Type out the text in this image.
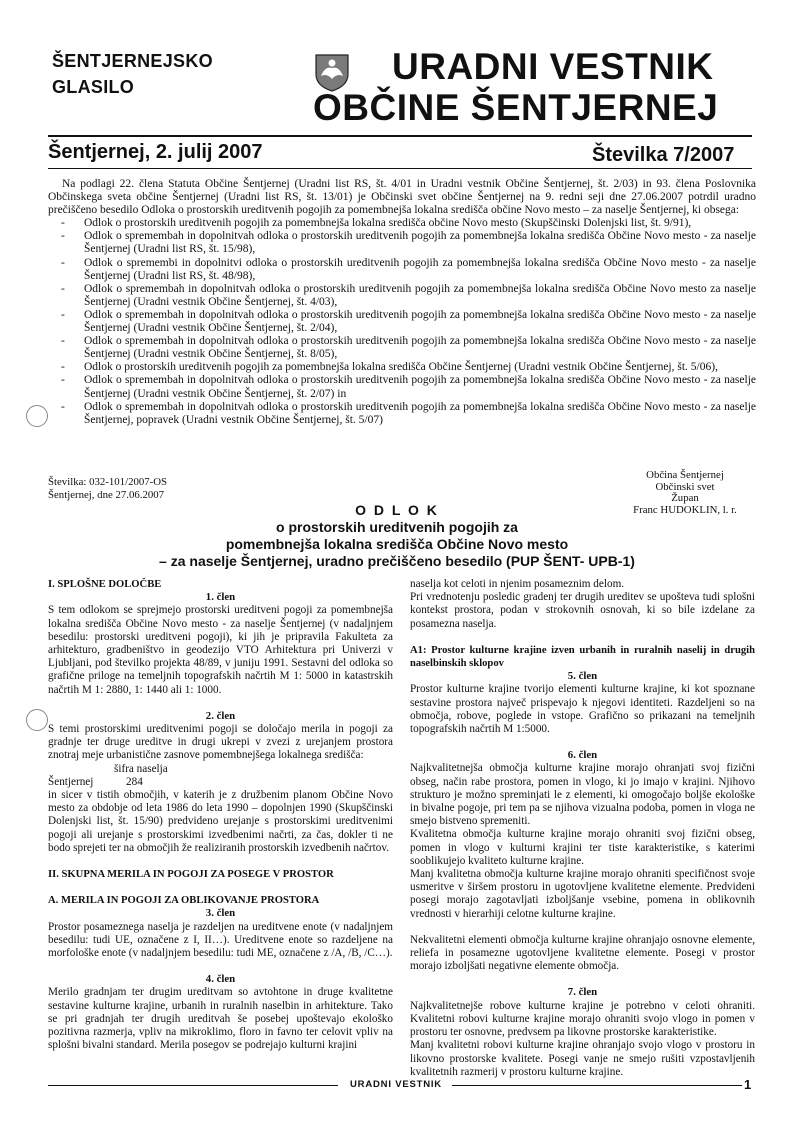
ŠENTJERNEJSKO
GLASILO	URADNI VESTNIK
OBČINE ŠENTJERNEJ
Šentjernej, 2. julij 2007	Številka 7/2007

Na podlagi 22. člena Statuta Občine Šentjernej (Uradni list RS, št. 4/01 in Uradni vestnik Občine Šentjernej, št. 2/03) in 93. člena Poslovnika Občinskega sveta občine Šentjernej (Uradni list RS, št. 13/01) je Občinski svet občine Šentjernej na 9. redni seji dne 27.06.2007 potrdil uradno prečiščeno besedilo Odloka o prostorskih ureditvenih pogojih za pomembnejša lokalna središča občine Novo mesto – za naselje Šentjernej, ki obsega:

- Odlok o prostorskih ureditvenih pogojih za pomembnejša lokalna središča občine Novo mesto (Skupščinski Dolenjski list, št. 9/91),
- Odlok o spremembah in dopolnitvah odloka o prostorskih ureditvenih pogojih za pomembnejša lokalna središča Občine Novo mesto - za naselje Šentjernej (Uradni list RS, št. 15/98),
- Odlok o spremembi in dopolnitvi odloka o prostorskih ureditvenih pogojih za pomembnejša lokalna središča Občine Novo mesto - za naselje Šentjernej (Uradni list RS, št. 48/98),
- Odlok o spremembah in dopolnitvah odloka o prostorskih ureditvenih pogojih za pomembnejša lokalna središča Občine Novo mesto za naselje Šentjernej (Uradni vestnik Občine Šentjernej, št. 4/03),
- Odlok o spremembah in dopolnitvah odloka o prostorskih ureditvenih pogojih za pomembnejša lokalna središča Občine Novo mesto - za naselje Šentjernej (Uradni vestnik Občine Šentjernej, št. 2/04),
- Odlok o spremembah in dopolnitvah odloka o prostorskih ureditvenih pogojih za pomembnejša lokalna središča Občine Novo mesto - za naselje Šentjernej (Uradni vestnik Občine Šentjernej, št. 8/05),
- Odlok o prostorskih ureditvenih pogojih za pomembnejša lokalna središča Občine Šentjernej (Uradni vestnik Občine Šentjernej, št. 5/06),
- Odlok o spremembah in dopolnitvah odloka o prostorskih ureditvenih pogojih za pomembnejša lokalna središča Občine Novo mesto - za naselje Šentjernej (Uradni vestnik Občine Šentjernej, št. 2/07) in
- Odlok o spremembah in dopolnitvah odloka o prostorskih ureditvenih pogojih za pomembnejša lokalna središča Občine Novo mesto - za naselje Šentjernej, popravek (Uradni vestnik Občine Šentjernej, št. 5/07)
Številka: 032-101/2007-OS
Šentjernej, dne 27.06.2007
Občina Šentjernej
Občinski svet
Župan
Franc HUDOKLIN, l. r.
O D L O K
o prostorskih ureditvenih pogojih za
pomembnejša lokalna središča Občine Novo mesto
– za naselje Šentjernej, uradno prečiščeno besedilo (PUP ŠENT- UPB-1)
I. SPLOŠNE DOLOČBE
1. člen

S tem odlokom se sprejmejo prostorski ureditveni pogoji za pomembnejša lokalna središča Občine Novo mesto - za naselje Šentjernej (v nadaljnjem besedilu: prostorski ureditveni pogoji), ki jih je pripravila Fakulteta za arhitekturo, gradbeništvo in geodezijo VTO Arhitektura pri Univerzi v Ljubljani, pod številko projekta 48/89, v juniju 1991. Sestavni del odloka so grafične priloge na temeljnih topografskih načrtih M 1: 5000 in katastrskih načrtih M 1: 2880, 1: 1440 ali 1: 1000.

2. člen

S temi prostorskimi ureditvenimi pogoji se določajo merila in pogoji za gradnje ter druge ureditve in drugi ukrepi v zvezi z urejanjem prostora znotraj meje urbanistične zasnove pomembnejšega lokalnega središča:

šifra naselja
Šentjernej	284

in sicer v tistih območjih, v katerih je z družbenim planom Občine Novo mesto za obdobje od leta 1986 do leta 1990 – dopolnjen 1990 (Skupščinski Dolenjski list, št. 15/90) predvideno urejanje s prostorskimi ureditvenimi pogoji ali urejanje s prostorskimi izvedbenimi načrti, za čas, dokler ti ne bodo sprejeti ter na območjih že realiziranih prostorskih izvedbenih načrtov.

II. SKUPNA MERILA IN POGOJI ZA POSEGE V PROSTOR
A. MERILA IN POGOJI ZA OBLIKOVANJE PROSTORA
3. člen

Prostor posameznega naselja je razdeljen na ureditvene enote (v nadaljnjem besedilu: tudi UE, označene z I, II…). Ureditvene enote so razdeljene na morfološke enote (v nadaljnjem besedilu: tudi ME, označene z /A, /B, /C…).

4. člen

Merilo gradnjam ter drugim ureditvam so avtohtone in druge kvalitetne sestavine kulturne krajine, urbanih in ruralnih naselbin in arhitekture. Tako se pri gradnjah ter drugih ureditvah še posebej upoštevajo ekološko pozitivna razmerja, vpliv na mikroklimo, floro in favno ter celovit vpliv na splošni bivalni standard. Merila posegov se podrejajo kulturni krajini

naselja kot celoti in njenim posameznim delom.

Pri vrednotenju posledic gradenj ter drugih ureditev se upošteva tudi splošni kontekst prostora, podan v strokovnih osnovah, ki so bile izdelane za posamezna naselja.

A1: Prostor kulturne krajine izven urbanih in ruralnih naselij in drugih naselbinskih sklopov
5. člen

Prostor kulturne krajine tvorijo elementi kulturne krajine, ki kot spoznane sestavine prostora največ prispevajo k njegovi identiteti. Razdeljeni so na območja, robove, poglede in vstope. Grafično so prikazani na temeljnih topografskih načrtih M 1:5000.

6. člen

Najkvalitetnejša območja kulturne krajine morajo ohranjati svoj fizični obseg, način rabe prostora, pomen in vlogo, ki jo imajo v krajini. Njihovo strukturo je možno spreminjati le z elementi, ki omogočajo boljše ekološke in bivalne pogoje, pri tem pa se njihova vizualna podoba, pomen in vloga ne smejo bistveno spremeniti.

Kvalitetna območja kulturne krajine morajo ohraniti svoj fizični obseg, pomen in vlogo v kulturni krajini ter tiste karakteristike, s katerimi sooblikujejo kvaliteto kulturne krajine.

Manj kvalitetna območja kulturne krajine morajo ohraniti specifičnost svoje usmeritve v širšem prostoru in ugotovljene kvalitetne elemente. Predvideni posegi morajo zagotavljati izboljšanje vsebine, pomena in oblikovnih vrednosti v hierarhiji celotne kulturne krajine.

Nekvalitetni elementi območja kulturne krajine ohranjajo osnovne elemente, reliefa in posamezne ugotovljene kvalitetne elemente. Posegi v prostor morajo izboljšati negativne elemente območja.

7. člen

Najkvalitetnejše robove kulturne krajine je potrebno v celoti ohraniti. Kvalitetni robovi kulturne krajine morajo ohraniti svojo vlogo in pomen v prostoru ter osnovne, predvsem pa likovne prostorske karakteristike.

Manj kvalitetni robovi kulturne krajine ohranjajo svojo vlogo v prostoru in likovno prostorske kvalitete. Posegi vanje ne smejo rušiti vzpostavljenih kvalitetnih razmerij v prostoru kulturne krajine.

URADNI VESTNIK	1
